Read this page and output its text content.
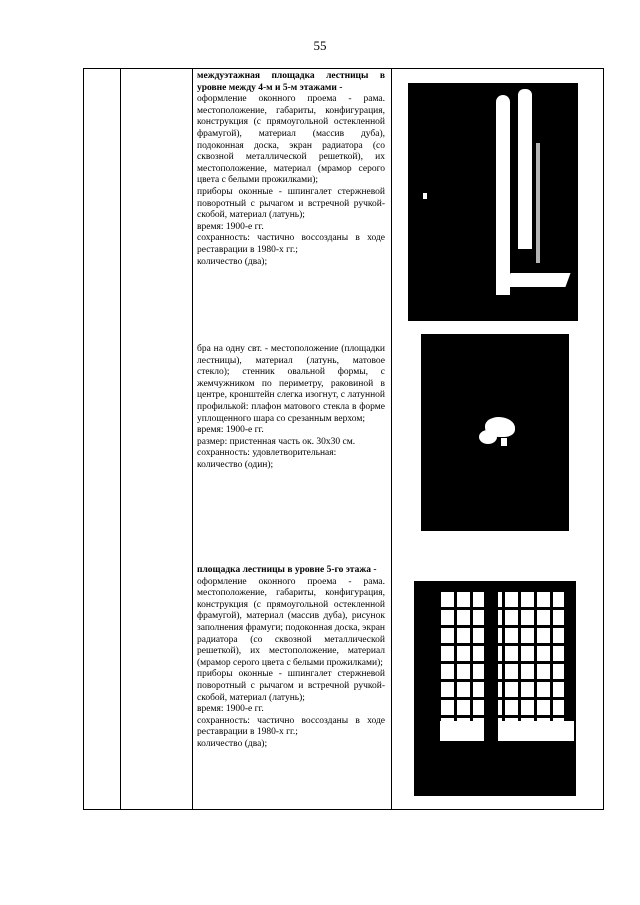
55

междуэтажная площадка лестницы в уровне между 4-м и 5-м этажами -

оформление оконного проема - рама. местоположение, габариты, конфигурация, конструкция (с прямоугольной остекленной фрамугой), материал (массив дуба), подоконная доска, экран радиатора (со сквозной металлической решеткой), их местоположение, материал (мрамор серого цвета с белыми прожилками);

приборы оконные - шпингалет стержневой поворотный с рычагом и встречной ручкой-скобой, материал (латунь);

время: 1900-е гг.

сохранность: частично воссозданы в ходе реставрации в 1980-х гг.;

количество (два);

бра на одну свт. - местоположение (площадки лестницы), материал (латунь, матовое стекло); стенник овальной формы, с жемчужником по периметру, раковиной в центре, кронштейн слегка изогнут, с латунной профилькой: плафон матового стекла в форме уплощенного шара со срезанным верхом;

время: 1900-е гг.

размер: пристенная часть ок. 30х30 см.

сохранность: удовлетворительная:

количество (один);

площадка лестницы в уровне 5-го этажа -

оформление оконного проема - рама. местоположение, габариты, конфигурация, конструкция (с прямоугольной остекленной фрамугой), материал (массив дуба), рисунок заполнения фрамуги; подоконная доска, экран радиатора (со сквозной металлической решеткой), их местоположение, материал (мрамор серого цвета с белыми прожилками);

приборы оконные - шпингалет стержневой поворотный с рычагом и встречной ручкой-скобой, материал (латунь);

время: 1900-е гг.

сохранность: частично воссозданы в ходе реставрации в 1980-х гг.;

количество (два);
